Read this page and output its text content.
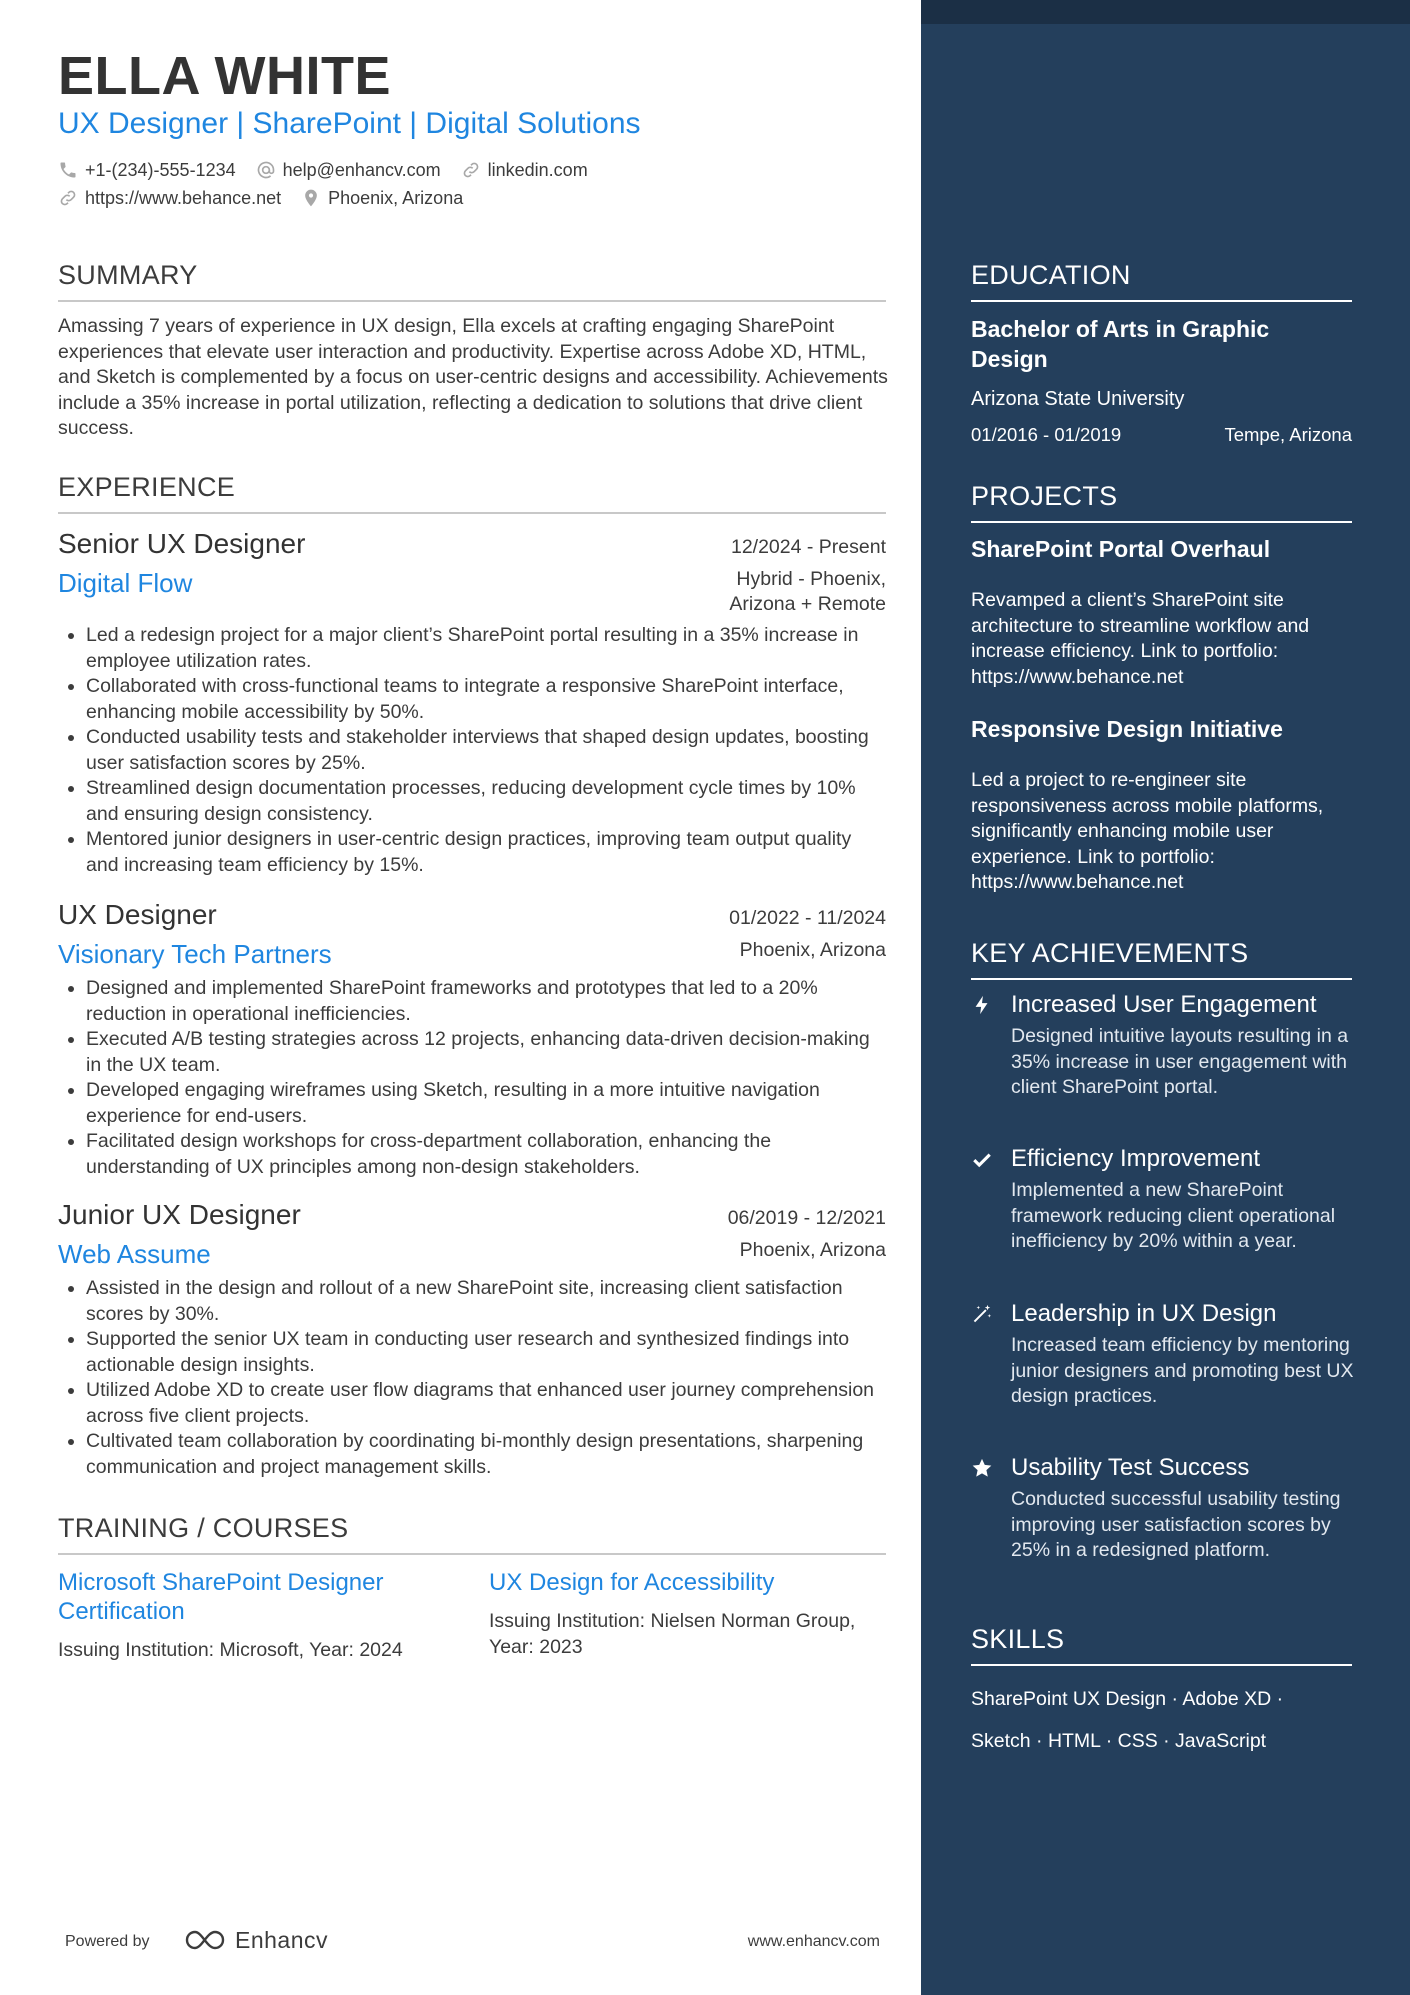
ELLA WHITE
UX Designer | SharePoint | Digital Solutions
+1-(234)-555-1234	help@enhancv.com	linkedin.com
https://www.behance.net	Phoenix, Arizona
SUMMARY
Amassing 7 years of experience in UX design, Ella excels at crafting engaging SharePoint experiences that elevate user interaction and productivity. Expertise across Adobe XD, HTML, and Sketch is complemented by a focus on user-centric designs and accessibility. Achievements include a 35% increase in portal utilization, reflecting a dedication to solutions that drive client success.
EXPERIENCE
Senior UX Designer	12/2024 - Present
Digital Flow	Hybrid - Phoenix, Arizona + Remote
• Led a redesign project for a major client’s SharePoint portal resulting in a 35% increase in employee utilization rates.
• Collaborated with cross-functional teams to integrate a responsive SharePoint interface, enhancing mobile accessibility by 50%.
• Conducted usability tests and stakeholder interviews that shaped design updates, boosting user satisfaction scores by 25%.
• Streamlined design documentation processes, reducing development cycle times by 10% and ensuring design consistency.
• Mentored junior designers in user-centric design practices, improving team output quality and increasing team efficiency by 15%.
UX Designer	01/2022 - 11/2024
Visionary Tech Partners	Phoenix, Arizona
• Designed and implemented SharePoint frameworks and prototypes that led to a 20% reduction in operational inefficiencies.
• Executed A/B testing strategies across 12 projects, enhancing data-driven decision-making in the UX team.
• Developed engaging wireframes using Sketch, resulting in a more intuitive navigation experience for end-users.
• Facilitated design workshops for cross-department collaboration, enhancing the understanding of UX principles among non-design stakeholders.
Junior UX Designer	06/2019 - 12/2021
Web Assume	Phoenix, Arizona
• Assisted in the design and rollout of a new SharePoint site, increasing client satisfaction scores by 30%.
• Supported the senior UX team in conducting user research and synthesized findings into actionable design insights.
• Utilized Adobe XD to create user flow diagrams that enhanced user journey comprehension across five client projects.
• Cultivated team collaboration by coordinating bi-monthly design presentations, sharpening communication and project management skills.
TRAINING / COURSES
Microsoft SharePoint Designer Certification
Issuing Institution: Microsoft, Year: 2024
UX Design for Accessibility
Issuing Institution: Nielsen Norman Group, Year: 2023
Powered by	Enhancv	www.enhancv.com
EDUCATION
Bachelor of Arts in Graphic Design
Arizona State University
01/2016 - 01/2019	Tempe, Arizona
PROJECTS
SharePoint Portal Overhaul
Revamped a client’s SharePoint site architecture to streamline workflow and increase efficiency. Link to portfolio: https://www.behance.net
Responsive Design Initiative
Led a project to re-engineer site responsiveness across mobile platforms, significantly enhancing mobile user experience. Link to portfolio: https://www.behance.net
KEY ACHIEVEMENTS
Increased User Engagement
Designed intuitive layouts resulting in a 35% increase in user engagement with client SharePoint portal.
Efficiency Improvement
Implemented a new SharePoint framework reducing client operational inefficiency by 20% within a year.
Leadership in UX Design
Increased team efficiency by mentoring junior designers and promoting best UX design practices.
Usability Test Success
Conducted successful usability testing improving user satisfaction scores by 25% in a redesigned platform.
SKILLS
SharePoint UX Design · Adobe XD ·
Sketch · HTML · CSS · JavaScript
